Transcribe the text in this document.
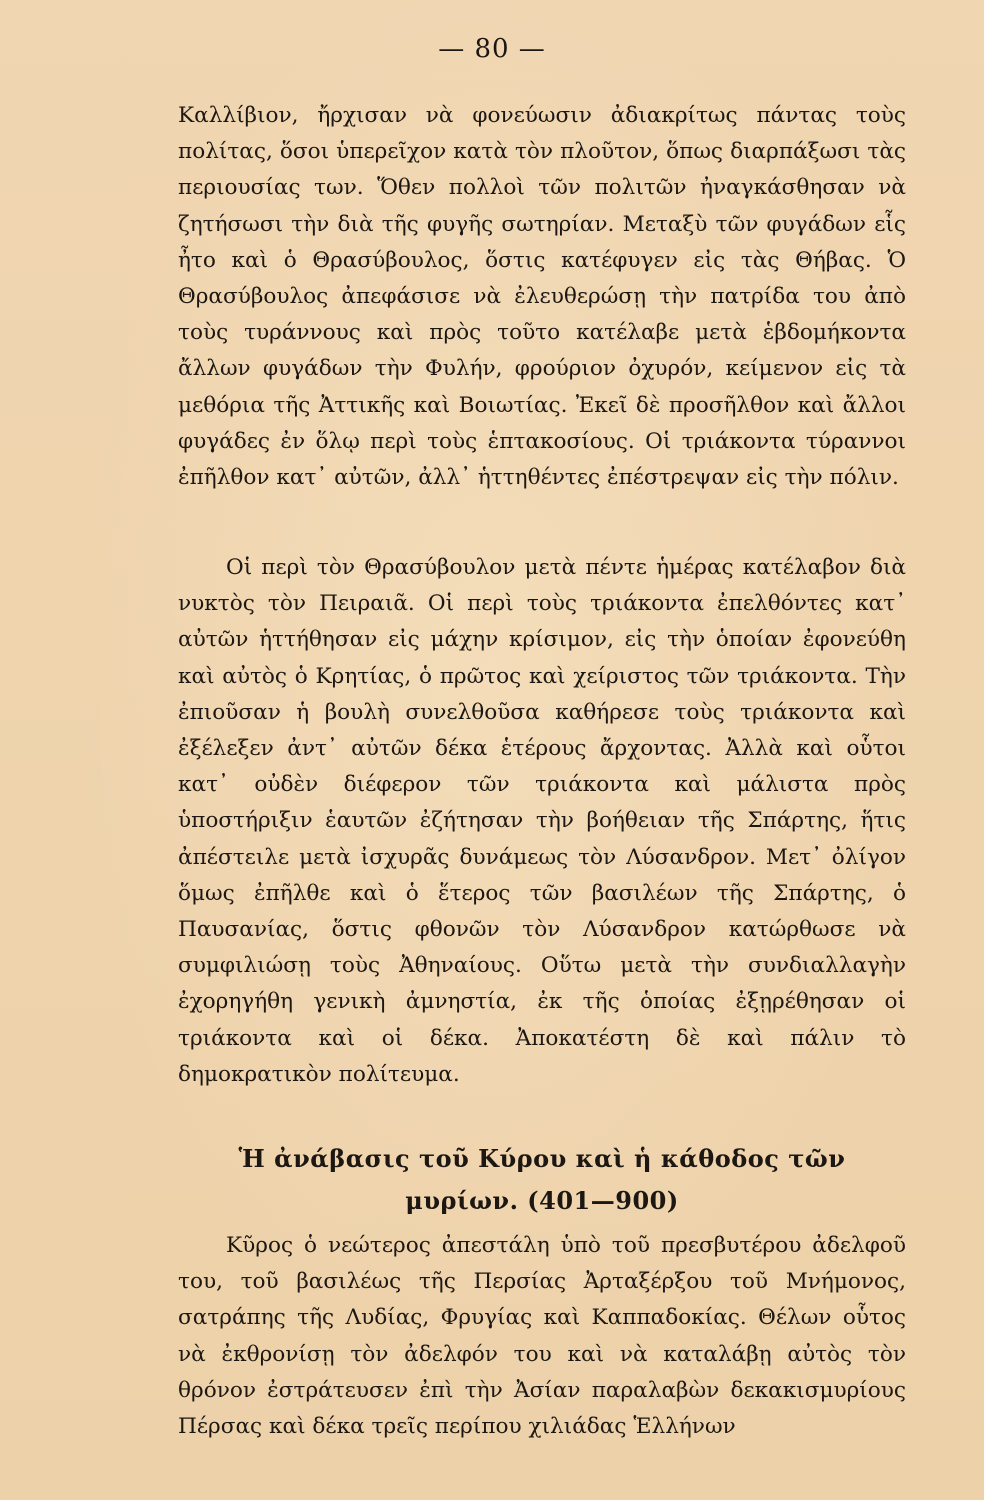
— 80 —

Καλλίβιον, ἤρχισαν νὰ φονεύωσιν ἀδιακρίτως πάντας τοὺς πολίτας, ὅσοι ὑπερεῖχον κατὰ τὸν πλοῦτον, ὅπως διαρπάξωσι τὰς περιουσίας των. Ὅθεν πολλοὶ τῶν πολιτῶν ἠναγκάσθησαν νὰ ζητήσωσι τὴν διὰ τῆς φυγῆς σωτηρίαν. Μεταξὺ τῶν φυγάδων εἷς ἦτο καὶ ὁ Θρασύβουλος, ὅστις κατέφυγεν εἰς τὰς Θήβας. Ὁ Θρασύβουλος ἀπεφάσισε νὰ ἐλευθερώσῃ τὴν πατρίδα του ἀπὸ τοὺς τυράννους καὶ πρὸς τοῦτο κατέλαβε μετὰ ἑβδομήκοντα ἄλλων φυγάδων τὴν Φυλήν, φρούριον ὀχυρόν, κείμενον εἰς τὰ μεθόρια τῆς Ἀττικῆς καὶ Βοιωτίας. Ἐκεῖ δὲ προσῆλθον καὶ ἄλλοι φυγάδες ἐν ὅλῳ περὶ τοὺς ἑπτακοσίους. Οἱ τριάκοντα τύραννοι ἐπῆλθον κατ᾽ αὐτῶν, ἀλλ᾽ ἡττηθέντες ἐπέστρεψαν εἰς τὴν πόλιν.

Οἱ περὶ τὸν Θρασύβουλον μετὰ πέντε ἡμέρας κατέλαβον διὰ νυκτὸς τὸν Πειραιᾶ. Οἱ περὶ τοὺς τριάκοντα ἐπελθόντες κατ᾽ αὐτῶν ἡττήθησαν εἰς μάχην κρίσιμον, εἰς τὴν ὁποίαν ἐφονεύθη καὶ αὐτὸς ὁ Κρητίας, ὁ πρῶτος καὶ χείριστος τῶν τριάκοντα. Τὴν ἐπιοῦσαν ἡ βουλὴ συνελθοῦσα καθήρεσε τοὺς τριάκοντα καὶ ἐξέλεξεν ἀντ᾽ αὐτῶν δέκα ἑτέρους ἄρχοντας. Ἀλλὰ καὶ οὗτοι κατ᾽ οὐδὲν διέφερον τῶν τριάκοντα καὶ μάλιστα πρὸς ὑποστήριξιν ἑαυτῶν ἐζήτησαν τὴν βοήθειαν τῆς Σπάρτης, ἥτις ἀπέστειλε μετὰ ἰσχυρᾶς δυνάμεως τὸν Λύσανδρον. Μετ᾽ ὀλίγον ὅμως ἐπῆλθε καὶ ὁ ἕτερος τῶν βασιλέων τῆς Σπάρτης, ὁ Παυσανίας, ὅστις φθονῶν τὸν Λύσανδρον κατώρθωσε νὰ συμφιλιώσῃ τοὺς Ἀθηναίους. Οὕτω μετὰ τὴν συνδιαλλαγὴν ἐχορηγήθη γενικὴ ἀμνηστία, ἐκ τῆς ὁποίας ἐξῃρέθησαν οἱ τριάκοντα καὶ οἱ δέκα. Ἀποκατέστη δὲ καὶ πάλιν τὸ δημοκρατικὸν πολίτευμα.

Ἡ ἀνάβασις τοῦ Κύρου καὶ ἡ κάθοδος τῶν μυρίων. (401—900)

Κῦρος ὁ νεώτερος ἀπεστάλη ὑπὸ τοῦ πρεσβυτέρου ἀδελφοῦ του, τοῦ βασιλέως τῆς Περσίας Ἀρταξέρξου τοῦ Μνήμονος, σατράπης τῆς Λυδίας, Φρυγίας καὶ Καππαδοκίας. Θέλων οὗτος νὰ ἐκθρονίσῃ τὸν ἀδελφόν του καὶ νὰ καταλάβῃ αὐτὸς τὸν θρόνον ἐστράτευσεν ἐπὶ τὴν Ἀσίαν παραλαβὼν δεκακισμυρίους Πέρσας καὶ δέκα τρεῖς περίπου χιλιάδας Ἑλλήνων
